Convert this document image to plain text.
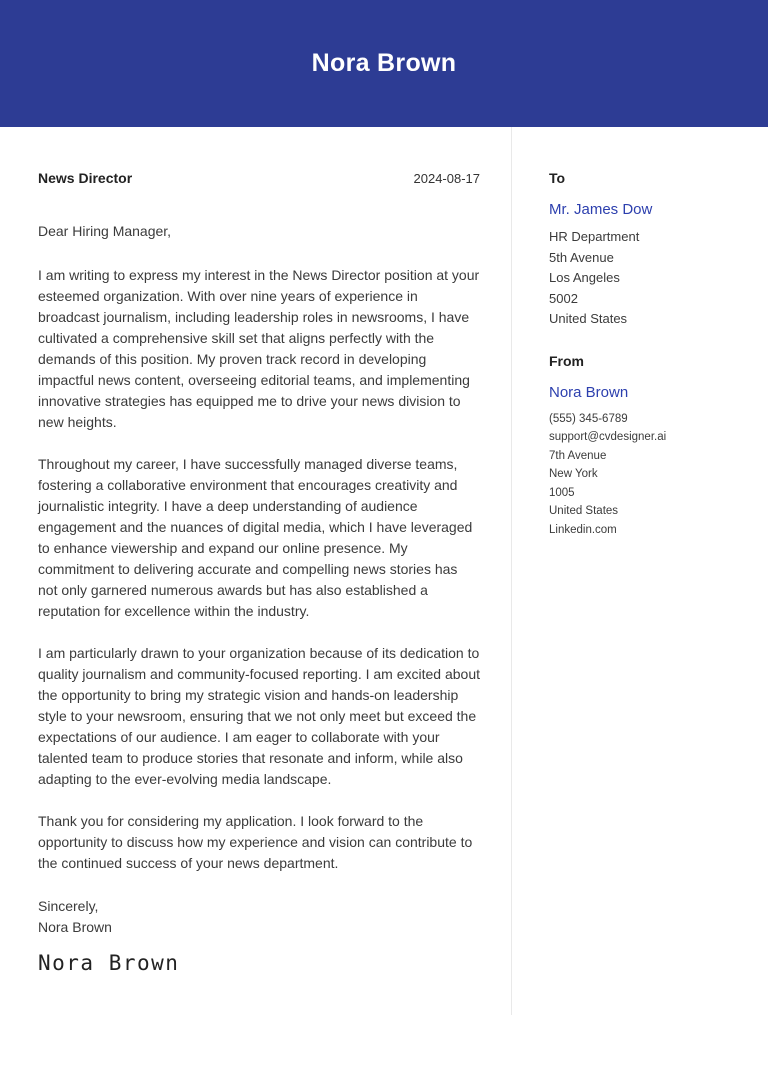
Nora Brown
News Director	2024-08-17

Dear Hiring Manager,

I am writing to express my interest in the News Director position at your esteemed organization. With over nine years of experience in broadcast journalism, including leadership roles in newsrooms, I have cultivated a comprehensive skill set that aligns perfectly with the demands of this position. My proven track record in developing impactful news content, overseeing editorial teams, and implementing innovative strategies has equipped me to drive your news division to new heights.

Throughout my career, I have successfully managed diverse teams, fostering a collaborative environment that encourages creativity and journalistic integrity. I have a deep understanding of audience engagement and the nuances of digital media, which I have leveraged to enhance viewership and expand our online presence. My commitment to delivering accurate and compelling news stories has not only garnered numerous awards but has also established a reputation for excellence within the industry.

I am particularly drawn to your organization because of its dedication to quality journalism and community-focused reporting. I am excited about the opportunity to bring my strategic vision and hands-on leadership style to your newsroom, ensuring that we not only meet but exceed the expectations of our audience. I am eager to collaborate with your talented team to produce stories that resonate and inform, while also adapting to the ever-evolving media landscape.

Thank you for considering my application. I look forward to the opportunity to discuss how my experience and vision can contribute to the continued success of your news department.

Sincerely,
Nora Brown
Nora Brown
To
Mr. James Dow
HR Department
5th Avenue
Los Angeles
5002
United States
From
Nora Brown
(555) 345-6789
support@cvdesigner.ai
7th Avenue
New York
1005
United States
Linkedin.com
